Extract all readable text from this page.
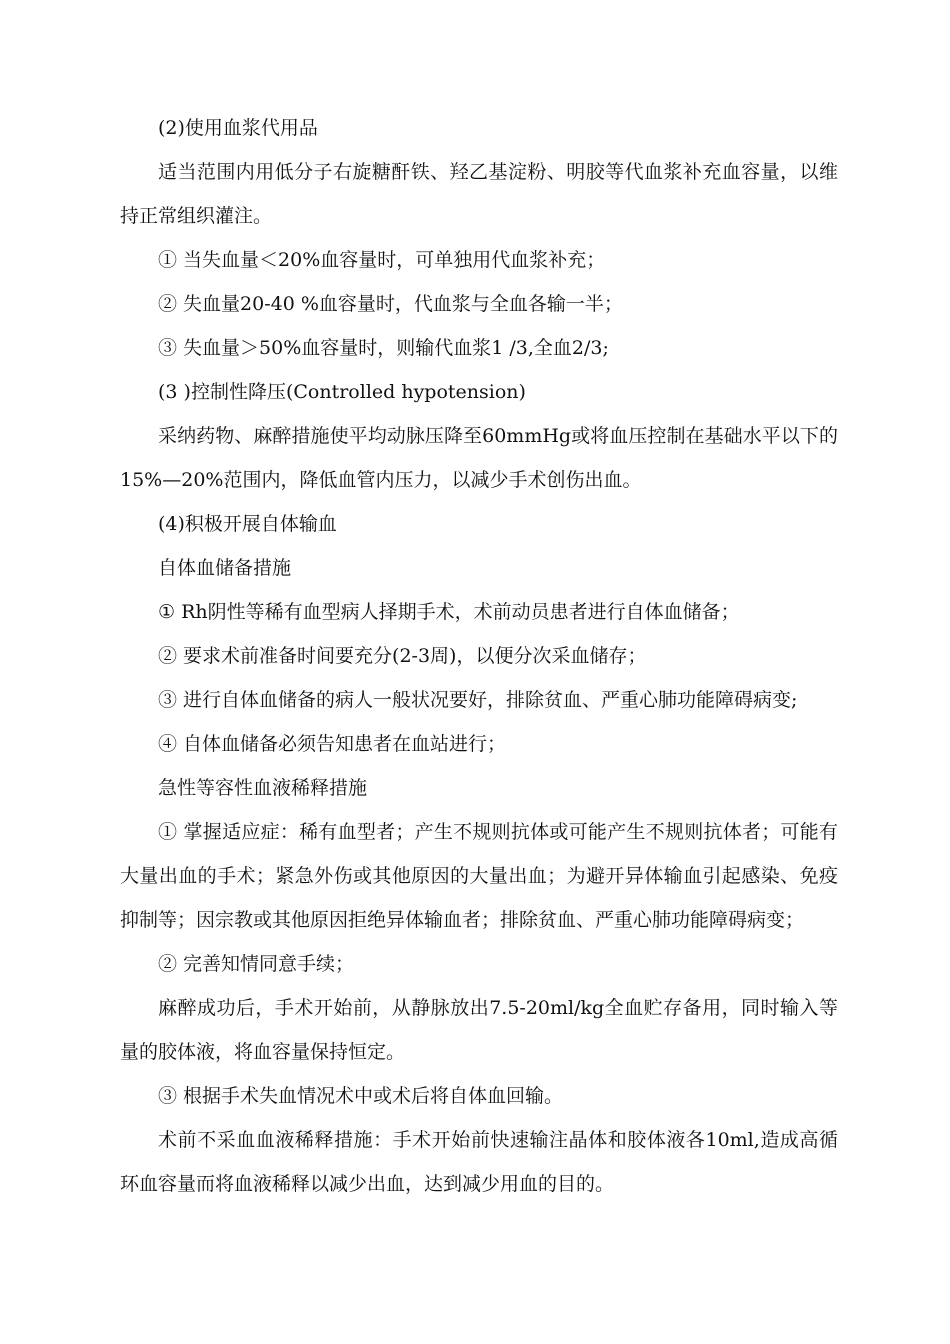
(2)使用血浆代用品

适当范围内用低分子右旋糖酐铁、羟乙基淀粉、明胶等代血浆补充血容量，以维持正常组织灌注。

① 当失血量＜20%血容量时，可单独用代血浆补充；

② 失血量20-40 %血容量时，代血浆与全血各输一半；

③ 失血量＞50%血容量时，则输代血浆1 /3,全血2/3;

(3 )控制性降压(Controlled hypotension)

采纳药物、麻醉措施使平均动脉压降至60mmHg或将血压控制在基础水平以下的15%—20%范围内，降低血管内压力，以减少手术创伤出血。

(4)积极开展自体输血

自体血储备措施

① Rh阴性等稀有血型病人择期手术，术前动员患者进行自体血储备；

② 要求术前准备时间要充分(2-3周)，以便分次采血储存；

③ 进行自体血储备的病人一般状况要好，排除贫血、严重心肺功能障碍病变;

④ 自体血储备必须告知患者在血站进行；

急性等容性血液稀释措施

① 掌握适应症：稀有血型者；产生不规则抗体或可能产生不规则抗体者；可能有大量出血的手术；紧急外伤或其他原因的大量出血；为避开异体输血引起感染、免疫抑制等；因宗教或其他原因拒绝异体输血者；排除贫血、严重心肺功能障碍病变；

② 完善知情同意手续；

麻醉成功后，手术开始前，从静脉放出7.5-20ml/kg全血贮存备用，同时输入等量的胶体液，将血容量保持恒定。

③ 根据手术失血情况术中或术后将自体血回输。

术前不采血血液稀释措施：手术开始前快速输注晶体和胶体液各10ml,造成高循环血容量而将血液稀释以减少出血，达到减少用血的目的。
